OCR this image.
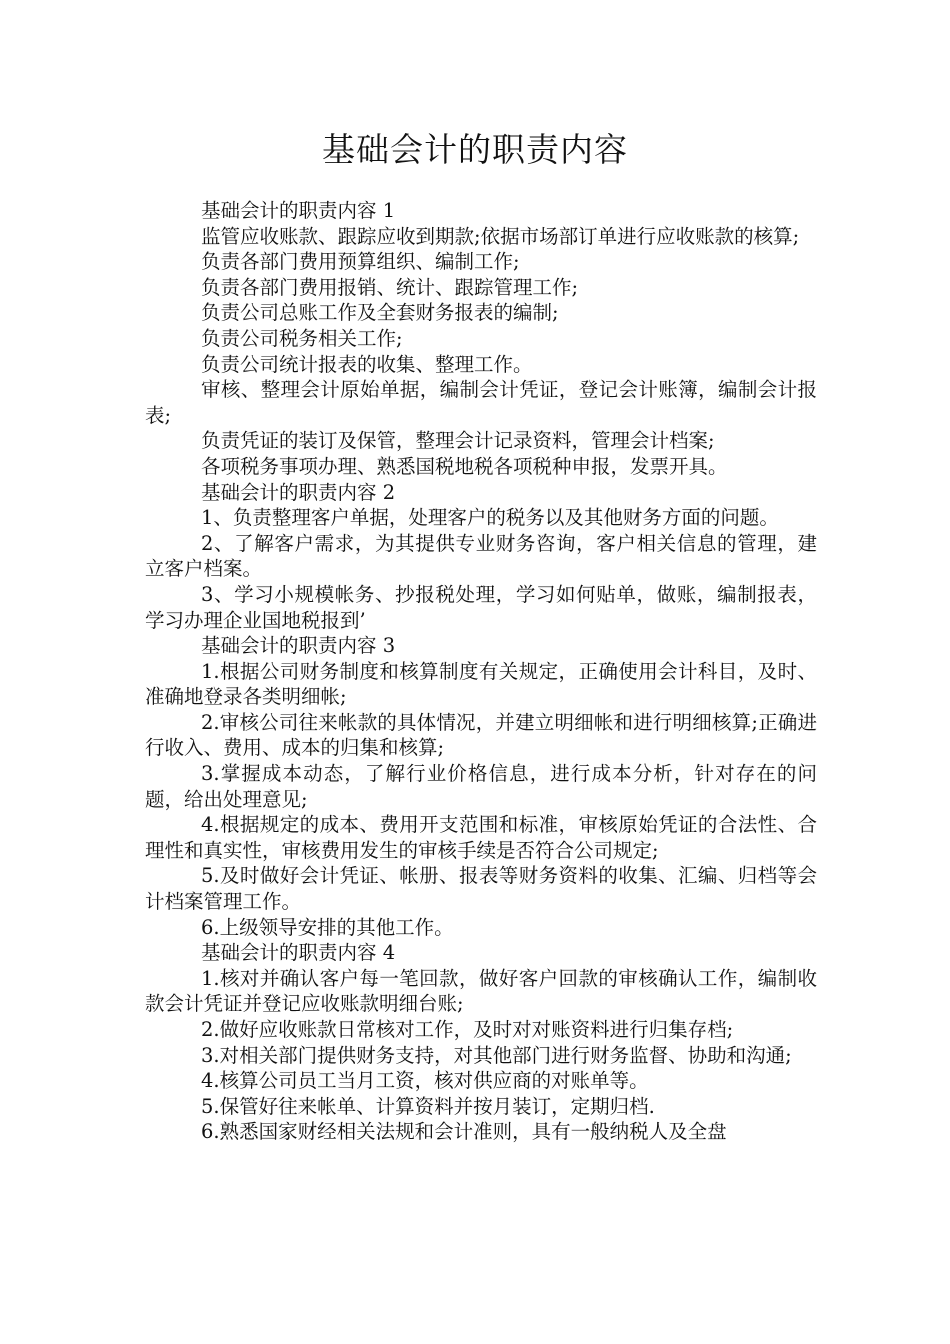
基础会计的职责内容
基础会计的职责内容 1

监管应收账款、跟踪应收到期款;依据市场部订单进行应收账款的核算;

负责各部门费用预算组织、编制工作;

负责各部门费用报销、统计、跟踪管理工作;

负责公司总账工作及全套财务报表的编制;

负责公司税务相关工作;

负责公司统计报表的收集、整理工作。

审核、整理会计原始单据，编制会计凭证，登记会计账簿，编制会计报表;

负责凭证的装订及保管，整理会计记录资料，管理会计档案;

各项税务事项办理、熟悉国税地税各项税种申报，发票开具。

基础会计的职责内容 2

1、负责整理客户单据，处理客户的税务以及其他财务方面的问题。

2、了解客户需求，为其提供专业财务咨询，客户相关信息的管理，建立客户档案。

3、学习小规模帐务、抄报税处理，学习如何贴单，做账，编制报表，学习办理企业国地税报到’

基础会计的职责内容 3

1.根据公司财务制度和核算制度有关规定，正确使用会计科目，及时、准确地登录各类明细帐;

2.审核公司往来帐款的具体情况，并建立明细帐和进行明细核算;正确进行收入、费用、成本的归集和核算;

3.掌握成本动态，了解行业价格信息，进行成本分析，针对存在的问题，给出处理意见;

4.根据规定的成本、费用开支范围和标准，审核原始凭证的合法性、合理性和真实性，审核费用发生的审核手续是否符合公司规定;

5.及时做好会计凭证、帐册、报表等财务资料的收集、汇编、归档等会计档案管理工作。

6.上级领导安排的其他工作。

基础会计的职责内容 4

1.核对并确认客户每一笔回款，做好客户回款的审核确认工作，编制收款会计凭证并登记应收账款明细台账;

2.做好应收账款日常核对工作，及时对对账资料进行归集存档;

3.对相关部门提供财务支持，对其他部门进行财务监督、协助和沟通;

4.核算公司员工当月工资，核对供应商的对账单等。

5.保管好往来帐单、计算资料并按月装订，定期归档.

6.熟悉国家财经相关法规和会计准则，具有一般纳税人及全盘
